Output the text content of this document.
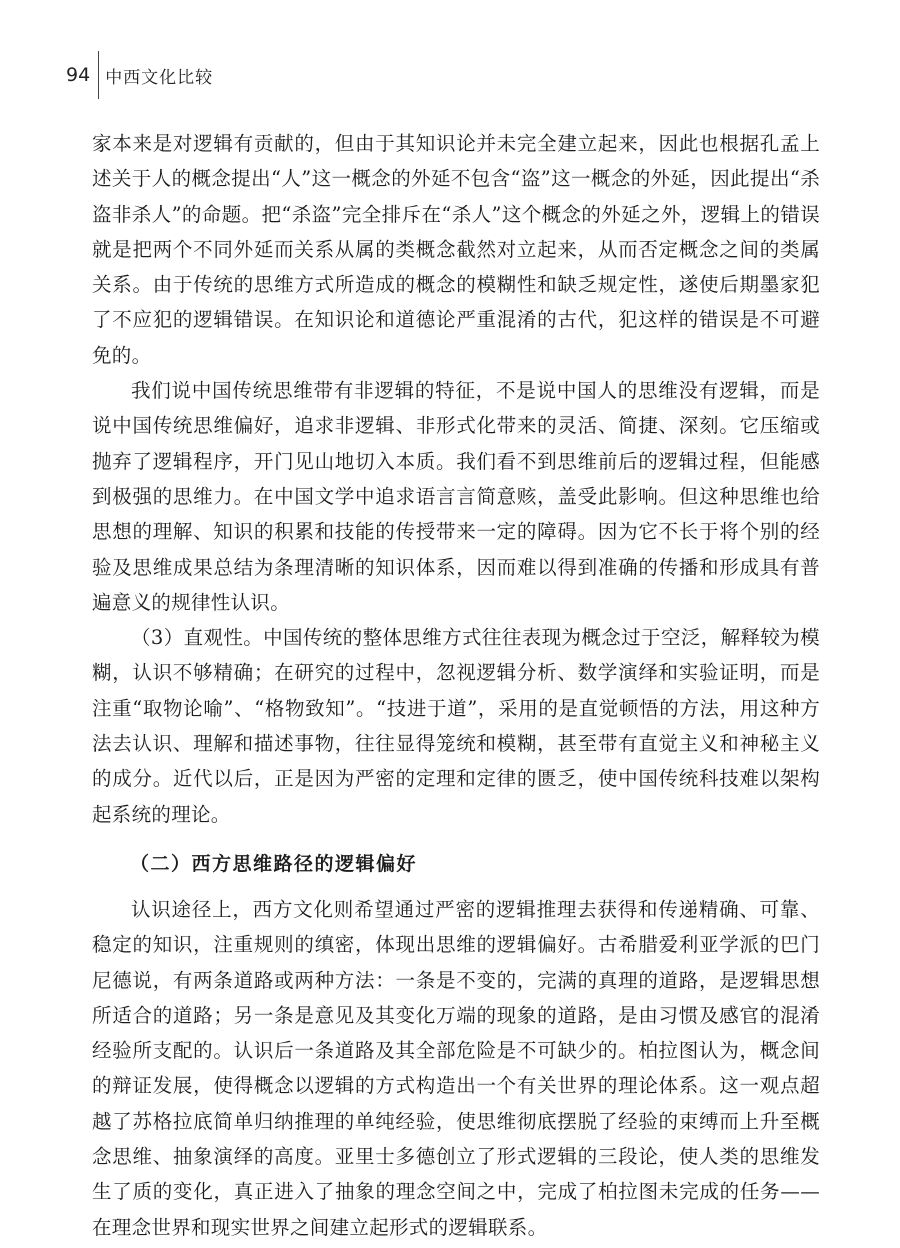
94 中西文化比较

家本来是对逻辑有贡献的，但由于其知识论并未完全建立起来，因此也根据孔孟上述关于人的概念提出“人”这一概念的外延不包含“盗”这一概念的外延，因此提出“杀盗非杀人”的命题。把“杀盗”完全排斥在“杀人”这个概念的外延之外，逻辑上的错误就是把两个不同外延而关系从属的类概念截然对立起来，从而否定概念之间的类属关系。由于传统的思维方式所造成的概念的模糊性和缺乏规定性，遂使后期墨家犯了不应犯的逻辑错误。在知识论和道德论严重混淆的古代，犯这样的错误是不可避免的。

我们说中国传统思维带有非逻辑的特征，不是说中国人的思维没有逻辑，而是说中国传统思维偏好，追求非逻辑、非形式化带来的灵活、简捷、深刻。它压缩或抛弃了逻辑程序，开门见山地切入本质。我们看不到思维前后的逻辑过程，但能感到极强的思维力。在中国文学中追求语言言简意赅，盖受此影响。但这种思维也给思想的理解、知识的积累和技能的传授带来一定的障碍。因为它不长于将个别的经验及思维成果总结为条理清晰的知识体系，因而难以得到准确的传播和形成具有普遍意义的规律性认识。

（3）直观性。中国传统的整体思维方式往往表现为概念过于空泛，解释较为模糊，认识不够精确；在研究的过程中，忽视逻辑分析、数学演绎和实验证明，而是注重“取物论喻”、“格物致知”。“技进于道”，采用的是直觉顿悟的方法，用这种方法去认识、理解和描述事物，往往显得笼统和模糊，甚至带有直觉主义和神秘主义的成分。近代以后，正是因为严密的定理和定律的匮乏，使中国传统科技难以架构起系统的理论。

（二）西方思维路径的逻辑偏好

认识途径上，西方文化则希望通过严密的逻辑推理去获得和传递精确、可靠、稳定的知识，注重规则的缜密，体现出思维的逻辑偏好。古希腊爱利亚学派的巴门尼德说，有两条道路或两种方法：一条是不变的，完满的真理的道路，是逻辑思想所适合的道路；另一条是意见及其变化万端的现象的道路，是由习惯及感官的混淆经验所支配的。认识后一条道路及其全部危险是不可缺少的。柏拉图认为，概念间的辩证发展，使得概念以逻辑的方式构造出一个有关世界的理论体系。这一观点超越了苏格拉底简单归纳推理的单纯经验，使思维彻底摆脱了经验的束缚而上升至概念思维、抽象演绎的高度。亚里士多德创立了形式逻辑的三段论，使人类的思维发生了质的变化，真正进入了抽象的理念空间之中，完成了柏拉图未完成的任务——在理念世界和现实世界之间建立起形式的逻辑联系。
